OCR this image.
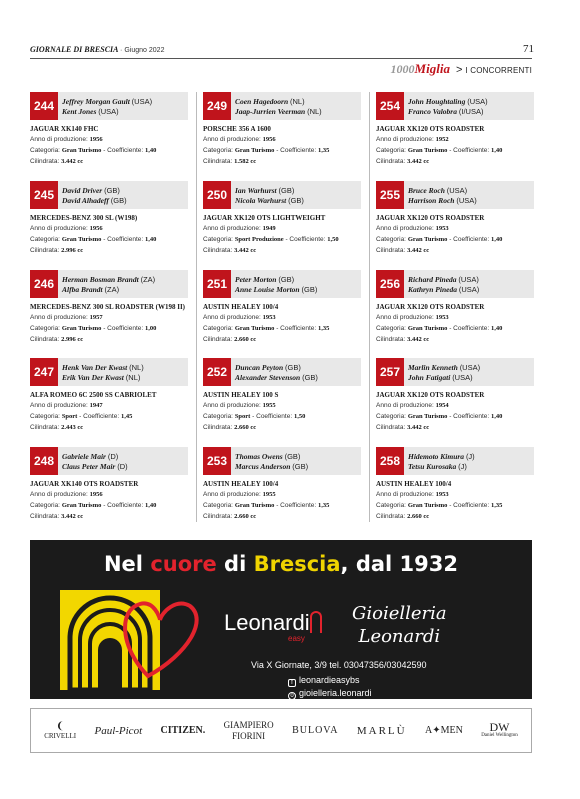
GIORNALE DI BRESCIA · Giugno 2022	71
1000Miglia > I CONCORRENTI
244	Jeffrey Morgan Gault (USA)
Kent Jones (USA)
JAGUAR XK140 FHC
Anno di produzione: 1956
Categoria: Gran Turismo - Coefficiente: 1,40
Cilindrata: 3.442 cc
249	Coen Hagedoorn (NL)
Jaap-Jurrien Veerman (NL)
PORSCHE 356 A 1600
Anno di produzione: 1956
Categoria: Gran Turismo - Coefficiente: 1,35
Cilindrata: 1.582 cc
254	John Houghtaling (USA)
Franco Valobra (I/USA)
JAGUAR XK120 OTS ROADSTER
Anno di produzione: 1952
Categoria: Gran Turismo - Coefficiente: 1,40
Cilindrata: 3.442 cc
245	David Driver (GB)
David Alhadeff (GB)
MERCEDES-BENZ 300 SL (W198)
Anno di produzione: 1956
Categoria: Gran Turismo - Coefficiente: 1,40
Cilindrata: 2.996 cc
250	Ian Warhurst (GB)
Nicola Warhurst (GB)
JAGUAR XK120 OTS LIGHTWEIGHT
Anno di produzione: 1949
Categoria: Sport Produzione - Coefficiente: 1,50
Cilindrata: 3.442 cc
255	Bruce Roch (USA)
Harrison Roch (USA)
JAGUAR XK120 OTS ROADSTER
Anno di produzione: 1953
Categoria: Gran Turismo - Coefficiente: 1,40
Cilindrata: 3.442 cc
246	Herman Bosman Brandt (ZA)
Alfba Brandt (ZA)
MERCEDES-BENZ 300 SL ROADSTER (W198 II)
Anno di produzione: 1957
Categoria: Gran Turismo - Coefficiente: 1,00
Cilindrata: 2.996 cc
251	Peter Morton (GB)
Anne Louise Morton (GB)
AUSTIN HEALEY 100/4
Anno di produzione: 1953
Categoria: Gran Turismo - Coefficiente: 1,35
Cilindrata: 2.660 cc
256	Richard Pineda (USA)
Kathryn Pineda (USA)
JAGUAR XK120 OTS ROADSTER
Anno di produzione: 1953
Categoria: Gran Turismo - Coefficiente: 1,40
Cilindrata: 3.442 cc
247	Henk Van Der Kwast (NL)
Erik Van Der Kwast (NL)
ALFA ROMEO 6C 2500 SS CABRIOLET
Anno di produzione: 1947
Categoria: Sport - Coefficiente: 1,45
Cilindrata: 2.443 cc
252	Duncan Peyton (GB)
Alexander Stevenson (GB)
AUSTIN HEALEY 100 S
Anno di produzione: 1955
Categoria: Sport - Coefficiente: 1,50
Cilindrata: 2.660 cc
257	Marlin Kenneth (USA)
John Fatigati (USA)
JAGUAR XK120 OTS ROADSTER
Anno di produzione: 1954
Categoria: Gran Turismo - Coefficiente: 1,40
Cilindrata: 3.442 cc
248	Gabriele Mair (D)
Claus Peter Mair (D)
JAGUAR XK140 OTS ROADSTER
Anno di produzione: 1956
Categoria: Gran Turismo - Coefficiente: 1,40
Cilindrata: 3.442 cc
253	Thomas Owens (GB)
Marcus Anderson (GB)
AUSTIN HEALEY 100/4
Anno di produzione: 1955
Categoria: Gran Turismo - Coefficiente: 1,35
Cilindrata: 2.660 cc
258	Hidemoto Kimura (J)
Tetsu Kurosaka (J)
AUSTIN HEALEY 100/4
Anno di produzione: 1953
Categoria: Gran Turismo - Coefficiente: 1,35
Cilindrata: 2.660 cc
Nel cuore di Brescia, dal 1932
Leonardi
easy
Gioielleria
Leonardi
Via X Giornate, 3/9 tel. 03047356/03042590
f leonardieasybs
o gioielleria.leonardi
❨
CRIVELLI Paul-Picot CITIZEN.
GIAMPIERO
FIORINI	BULOVA MARLÙ A✦MEN	DW
Daniel Wellington
